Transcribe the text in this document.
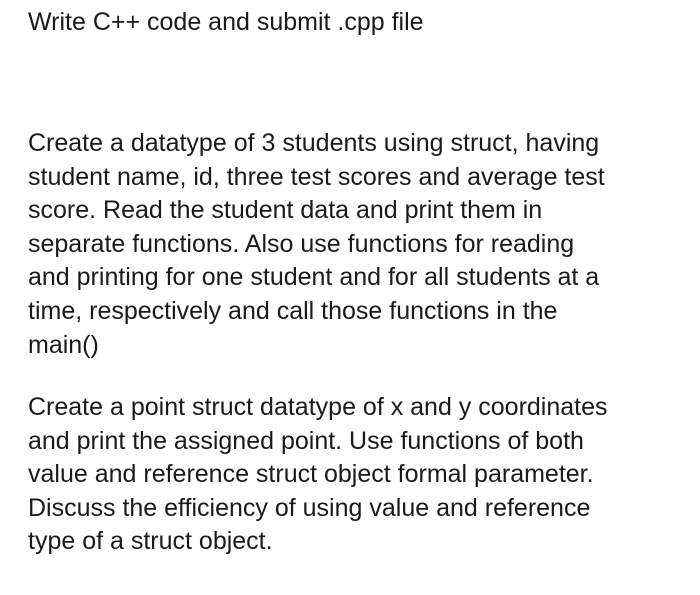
Write C++ code and submit .cpp file

Create a datatype of 3 students using struct, having
student name, id, three test scores and average test
score. Read the student data and print them in
separate functions. Also use functions for reading
and printing for one student and for all students at a
time, respectively and call those functions in the
main()

Create a point struct datatype of x and y coordinates
and print the assigned point. Use functions of both
value and reference struct object formal parameter.
Discuss the efficiency of using value and reference
type of a struct object.
